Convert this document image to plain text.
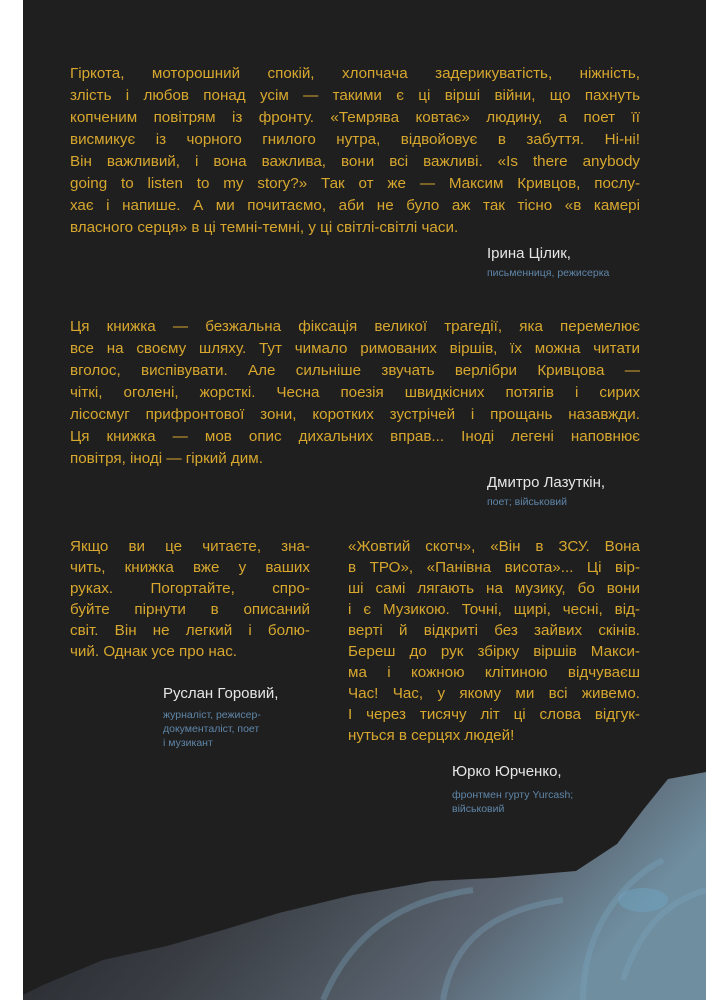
Гіркота, моторошний спокій, хлопчача задерикуватість, ніжність,
злість і любов понад усім — такими є ці вірші війни, що пахнуть
копченим повітрям із фронту. «Темрява ковтає» людину, а поет її
висмикує із чорного гнилого нутра, відвойовує в забуття. Ні-ні!
Він важливий, і вона важлива, вони всі важливі. «Is there anybody
going to listen to my story?» Так от же — Максим Кривцов, послу-
хає і напише. А ми почитаємо, аби не було аж так тісно «в камері
власного серця» в ці темні-темні, у ці світлі-світлі часи.
Ірина Цілик,
письменниця, режисерка
Ця книжка — безжальна фіксація великої трагедії, яка перемелює
все на своєму шляху. Тут чимало римованих віршів, їх можна читати
вголос, виспівувати. Але сильніше звучать верлібри Кривцова —
чіткі, оголені, жорсткі. Чесна поезія швидкісних потягів і сирих
лісосмуг прифронтової зони, коротких зустрічей і прощань назавжди.
Ця книжка — мов опис дихальних вправ... Іноді легені наповнює
повітря, іноді — гіркий дим.
Дмитро Лазуткін,
поет; військовий
Якщо ви це читаєте, зна-
чить, книжка вже у ваших
руках. Погортайте, спро-
буйте пірнути в описаний
світ. Він не легкий і болю-
чий. Однак усе про нас.
Руслан Горовий,
журналіст, режисер-
документаліст, поет
і музикант
«Жовтий скотч», «Він в ЗСУ. Вона
в ТРО», «Панівна висота»... Ці вір-
ші самі лягають на музику, бо вони
і є Музикою. Точні, щирі, чесні, від-
верті й відкриті без зайвих скінів.
Береш до рук збірку віршів Макси-
ма і кожною клітиною відчуваєш
Час! Час, у якому ми всі живемо.
І через тисячу літ ці слова відгук-
нуться в серцях людей!
Юрко Юрченко,
фронтмен гурту Yurcash;
військовий
